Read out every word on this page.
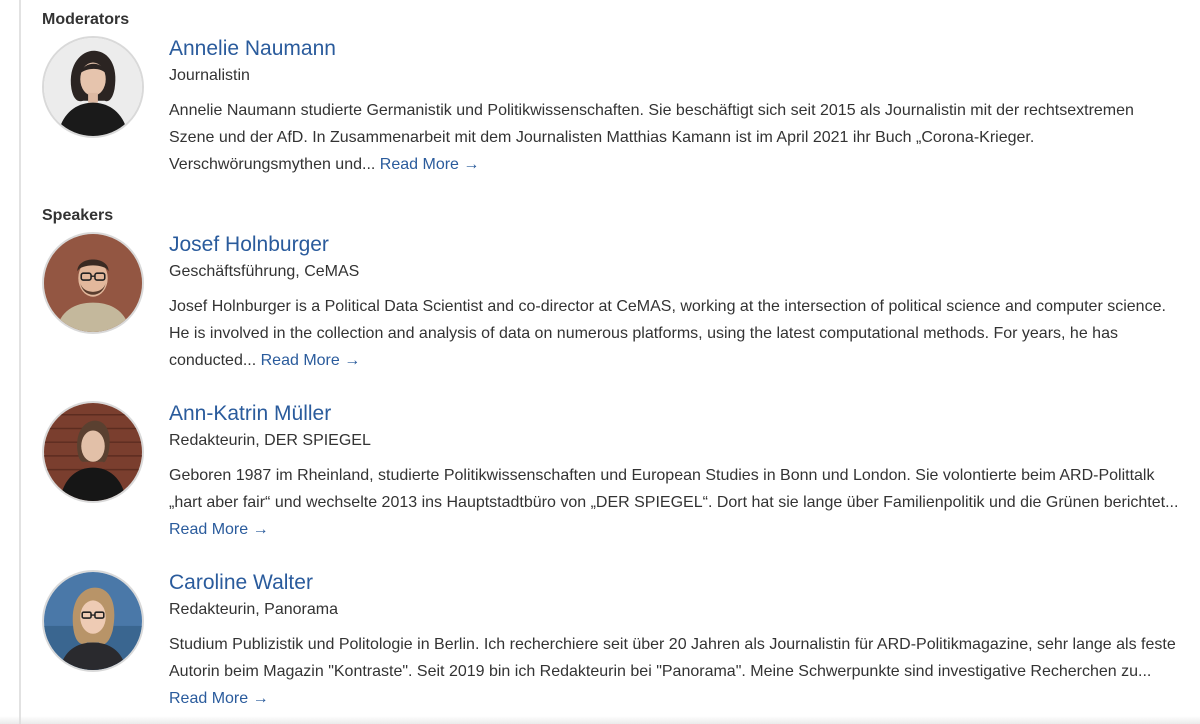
Moderators
Annelie Naumann
Journalistin
Annelie Naumann studierte Germanistik und Politikwissenschaften. Sie beschäftigt sich seit 2015 als Journalistin mit der rechtsextremen Szene und der AfD. In Zusammenarbeit mit dem Journalisten Matthias Kamann ist im April 2021 ihr Buch „Corona-Krieger. Verschwörungsmythen und... Read More →
Speakers
Josef Holnburger
Geschäftsführung, CeMAS
Josef Holnburger is a Political Data Scientist and co-director at CeMAS, working at the intersection of political science and computer science. He is involved in the collection and analysis of data on numerous platforms, using the latest computational methods. For years, he has conducted... Read More →
Ann-Katrin Müller
Redakteurin, DER SPIEGEL
Geboren 1987 im Rheinland, studierte Politikwissenschaften und European Studies in Bonn und London. Sie volontierte beim ARD-Polittalk „hart aber fair“ und wechselte 2013 ins Hauptstadtbüro von „DER SPIEGEL“. Dort hat sie lange über Familienpolitik und die Grünen berichtet... Read More →
Caroline Walter
Redakteurin, Panorama
Studium Publizistik und Politologie in Berlin. Ich recherchiere seit über 20 Jahren als Journalistin für ARD-Politikmagazine, sehr lange als feste Autorin beim Magazin "Kontraste". Seit 2019 bin ich Redakteurin bei "Panorama". Meine Schwerpunkte sind investigative Recherchen zu... Read More →
